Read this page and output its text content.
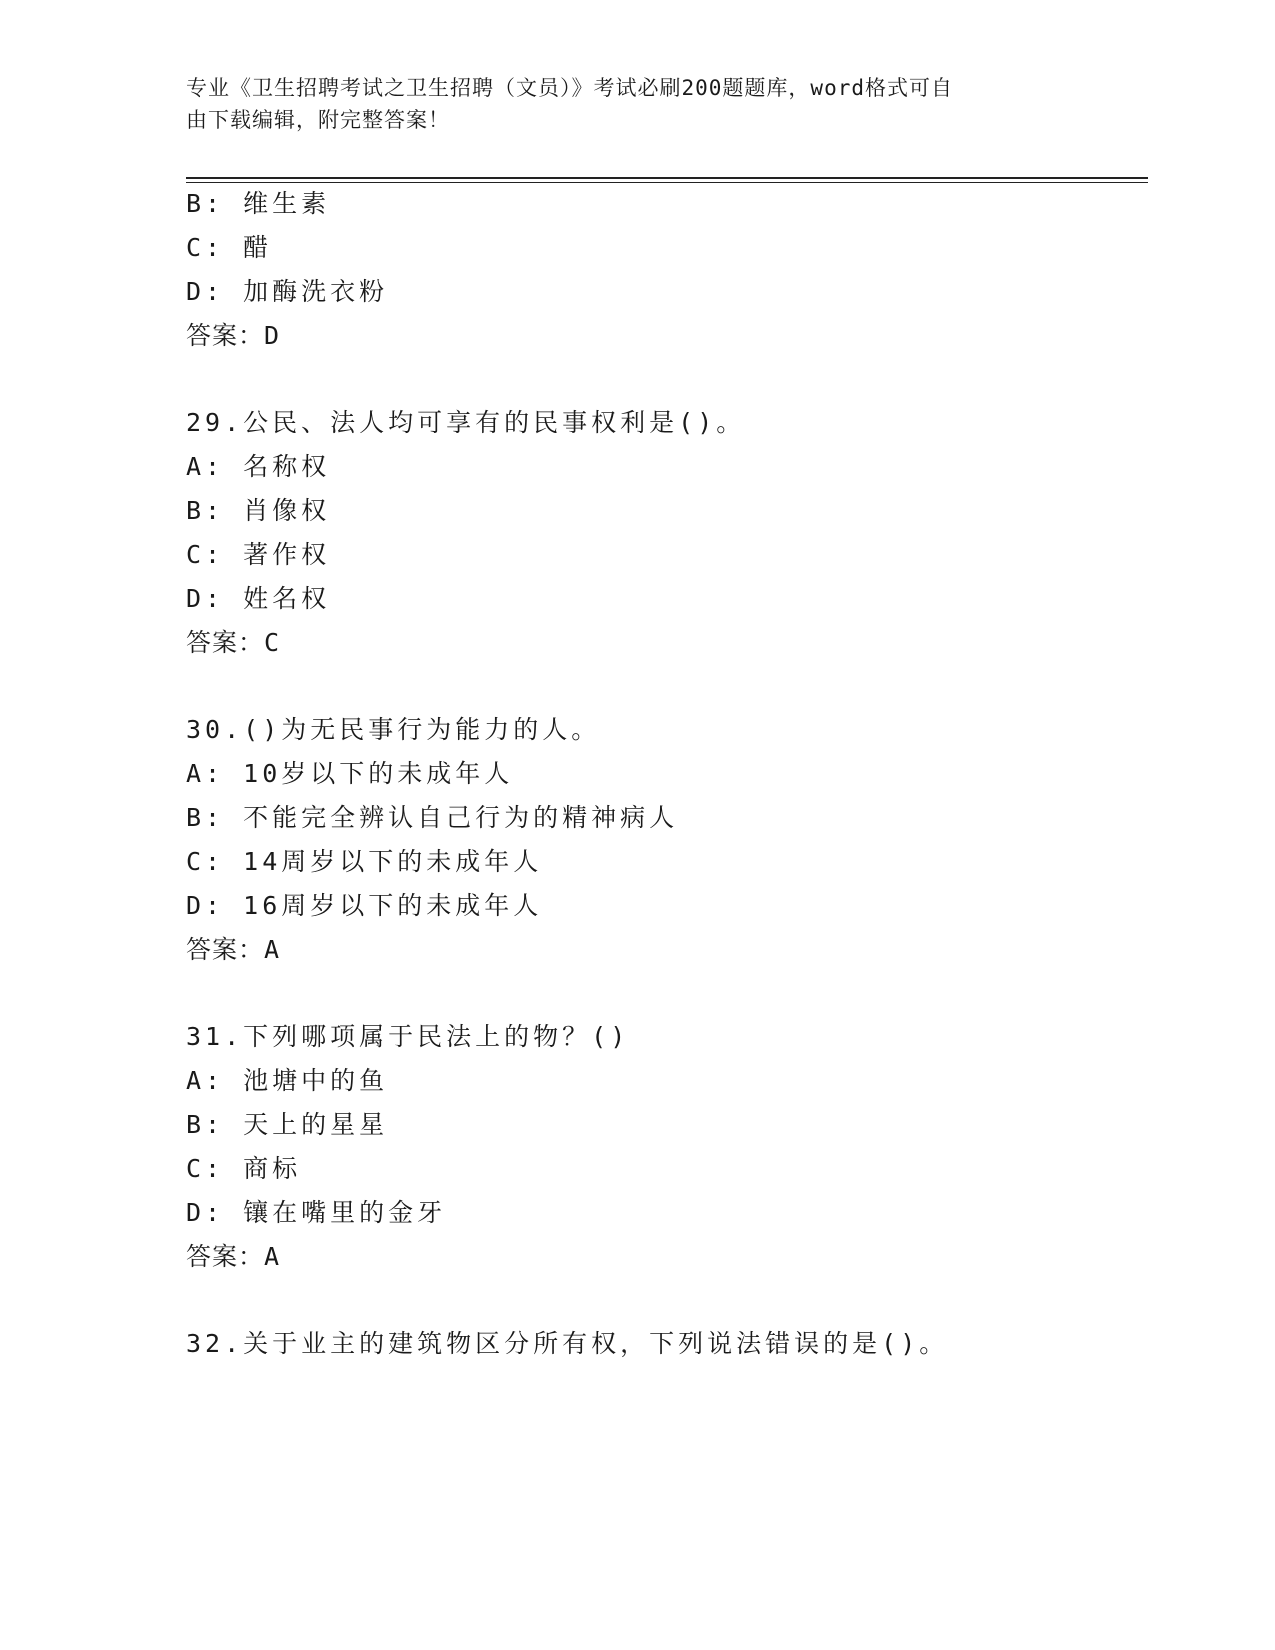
专业《卫生招聘考试之卫生招聘（文员）》考试必刷200题题库，word格式可自
由下载编辑，附完整答案！
B: 维生素
C: 醋
D: 加酶洗衣粉
答案：D
29.公民、法人均可享有的民事权利是()。
A: 名称权
B: 肖像权
C: 著作权
D: 姓名权
答案：C
30.()为无民事行为能力的人。
A: 10岁以下的未成年人
B: 不能完全辨认自己行为的精神病人
C: 14周岁以下的未成年人
D: 16周岁以下的未成年人
答案：A
31.下列哪项属于民法上的物？()
A: 池塘中的鱼
B: 天上的星星
C: 商标
D: 镶在嘴里的金牙
答案：A
32.关于业主的建筑物区分所有权，下列说法错误的是()。
